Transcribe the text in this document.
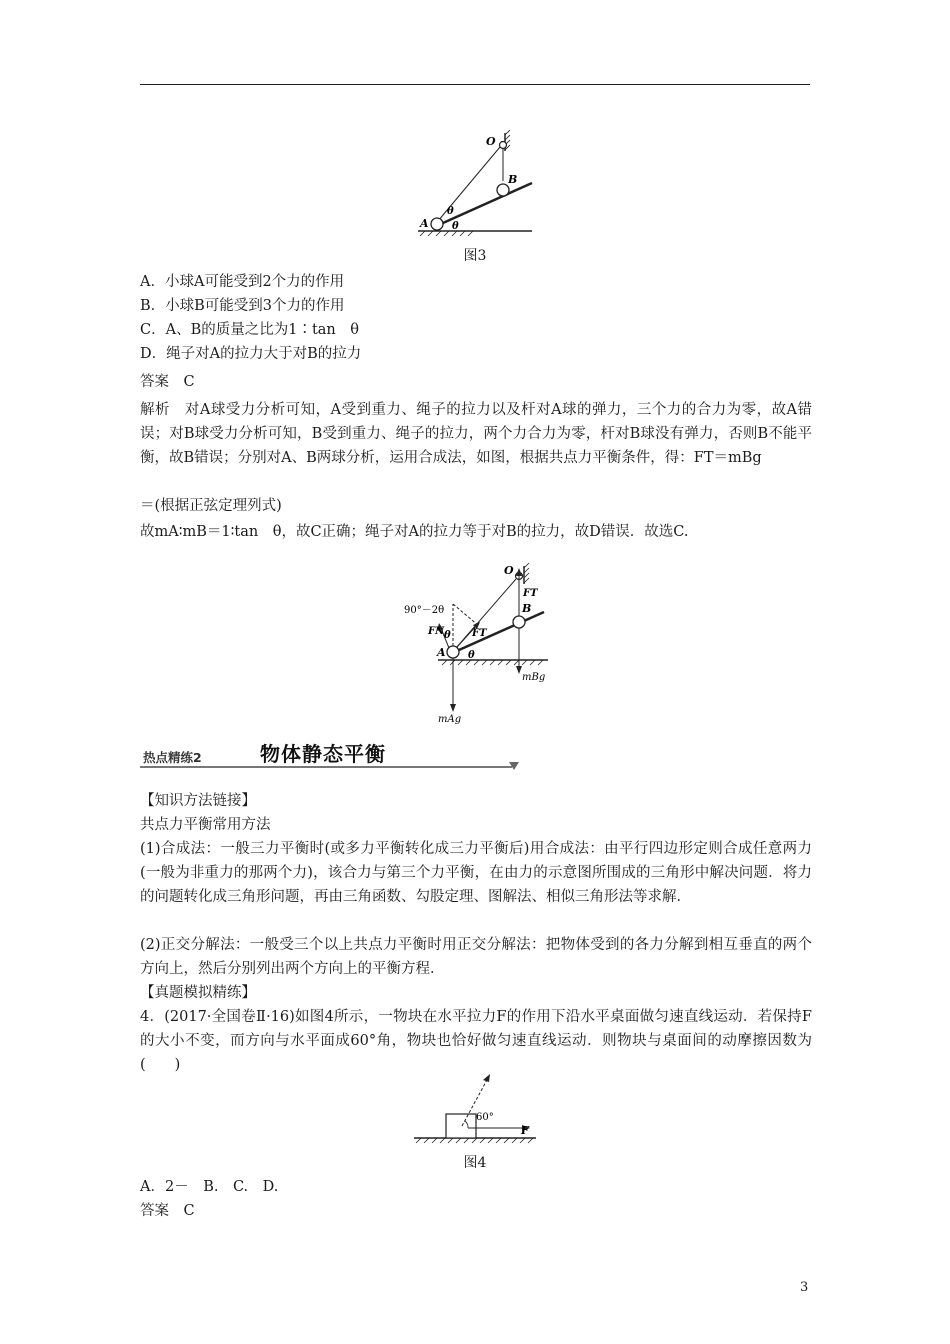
O
B
A
θ
θ
图3
A．小球A可能受到2个力的作用
B．小球B可能受到3个力的作用
C．A、B的质量之比为1∶tan　θ
D．绳子对A的拉力大于对B的拉力
答案　C
解析　对A球受力分析可知，A受到重力、绳子的拉力以及杆对A球的弹力，三个力的合力为零，故A错误；对B球受力分析可知，B受到重力、绳子的拉力，两个力合力为零，杆对B球没有弹力，否则B不能平衡，故B错误；分别对A、B两球分析，运用合成法，如图，根据共点力平衡条件，得：FT＝mBg
＝(根据正弦定理列式)
故mA∶mB＝1∶tan　θ，故C正确；绳子对A的拉力等于对B的拉力，故D错误．故选C.
O
FT
B
90°－2θ
FN θ FT
A θ
mBg
mAg
热点精练2	物体静态平衡
【知识方法链接】
共点力平衡常用方法
(1)合成法：一般三力平衡时(或多力平衡转化成三力平衡后)用合成法：由平行四边形定则合成任意两力(一般为非重力的那两个力)，该合力与第三个力平衡，在由力的示意图所围成的三角形中解决问题．将力的问题转化成三角形问题，再由三角函数、勾股定理、图解法、相似三角形法等求解．
(2)正交分解法：一般受三个以上共点力平衡时用正交分解法：把物体受到的各力分解到相互垂直的两个方向上，然后分别列出两个方向上的平衡方程．
【真题模拟精练】
4．(2017·全国卷Ⅱ·16)如图4所示，一物块在水平拉力F的作用下沿水平桌面做匀速直线运动．若保持F的大小不变，而方向与水平面成60°角，物块也恰好做匀速直线运动．则物块与桌面间的动摩擦因数为(　　)
60°
F
图4
A．2－　B.　C.　D.
答案　C
3
